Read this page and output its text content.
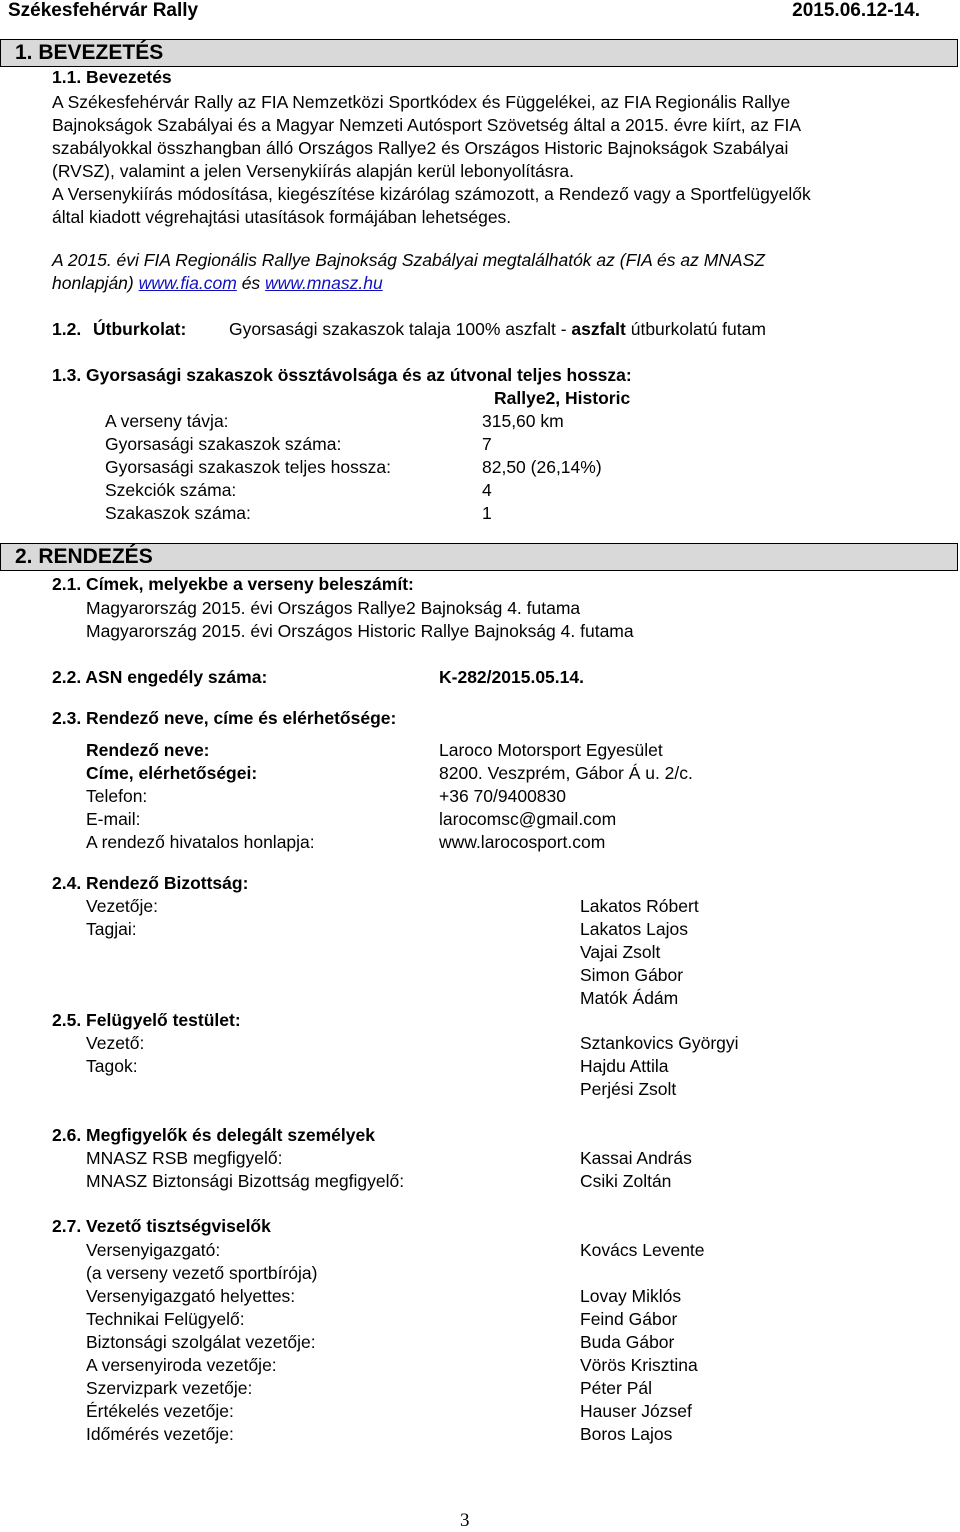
Székesfehérvár Rally	2015.06.12-14.
1. BEVEZETÉS
1.1. Bevezetés
A Székesfehérvár Rally az FIA Nemzetközi Sportkódex és Függelékei, az FIA Regionális Rallye
Bajnokságok Szabályai és a Magyar Nemzeti Autósport Szövetség által a 2015. évre kiírt, az FIA
szabályokkal összhangban álló Országos Rallye2 és Országos Historic Bajnokságok Szabályai
(RVSZ), valamint a jelen Versenykiírás alapján kerül lebonyolításra.
A Versenykiírás módosítása, kiegészítése kizárólag számozott, a Rendező vagy a Sportfelügyelők
által kiadott végrehajtási utasítások formájában lehetséges.
A 2015. évi FIA Regionális Rallye Bajnokság Szabályai megtalálhatók az (FIA és az MNASZ
honlapján) www.fia.com és www.mnasz.hu
1.2. Útburkolat: Gyorsasági szakaszok talaja 100% aszfalt - aszfalt útburkolatú futam
1.3. Gyorsasági szakaszok össztávolsága és az útvonal teljes hossza:
Rallye2, Historic
A verseny távja:	315,60 km
Gyorsasági szakaszok száma:	7
Gyorsasági szakaszok teljes hossza:	82,50 (26,14%)
Szekciók száma:	4
Szakaszok száma:	1
2. RENDEZÉS
2.1. Címek, melyekbe a verseny beleszámít:
Magyarország 2015. évi Országos Rallye2 Bajnokság 4. futama
Magyarország 2015. évi Országos Historic Rallye Bajnokság 4. futama
2.2. ASN engedély száma:	K-282/2015.05.14.
2.3. Rendező neve, címe és elérhetősége:
Rendező neve:	Laroco Motorsport Egyesület
Címe, elérhetőségei:	8200. Veszprém, Gábor Á u. 2/c.
Telefon:	+36 70/9400830
E-mail:	larocomsc@gmail.com
A rendező hivatalos honlapja:	www.larocosport.com
2.4. Rendező Bizottság:
Vezetője:	Lakatos Róbert
Tagjai:	Lakatos Lajos
Vajai Zsolt
Simon Gábor
Matók Ádám
2.5. Felügyelő testület:
Vezető:	Sztankovics Györgyi
Tagok:	Hajdu Attila
Perjési Zsolt
2.6. Megfigyelők és delegált személyek
MNASZ RSB megfigyelő:	Kassai András
MNASZ Biztonsági Bizottság megfigyelő:	Csiki Zoltán
2.7. Vezető tisztségviselők
Versenyigazgató:	Kovács Levente
(a verseny vezető sportbírója)
Versenyigazgató helyettes:	Lovay Miklós
Technikai Felügyelő:	Feind Gábor
Biztonsági szolgálat vezetője:	Buda Gábor
A versenyiroda vezetője:	Vörös Krisztina
Szervizpark vezetője:	Péter Pál
Értékelés vezetője:	Hauser József
Időmérés vezetője:	Boros Lajos
3
